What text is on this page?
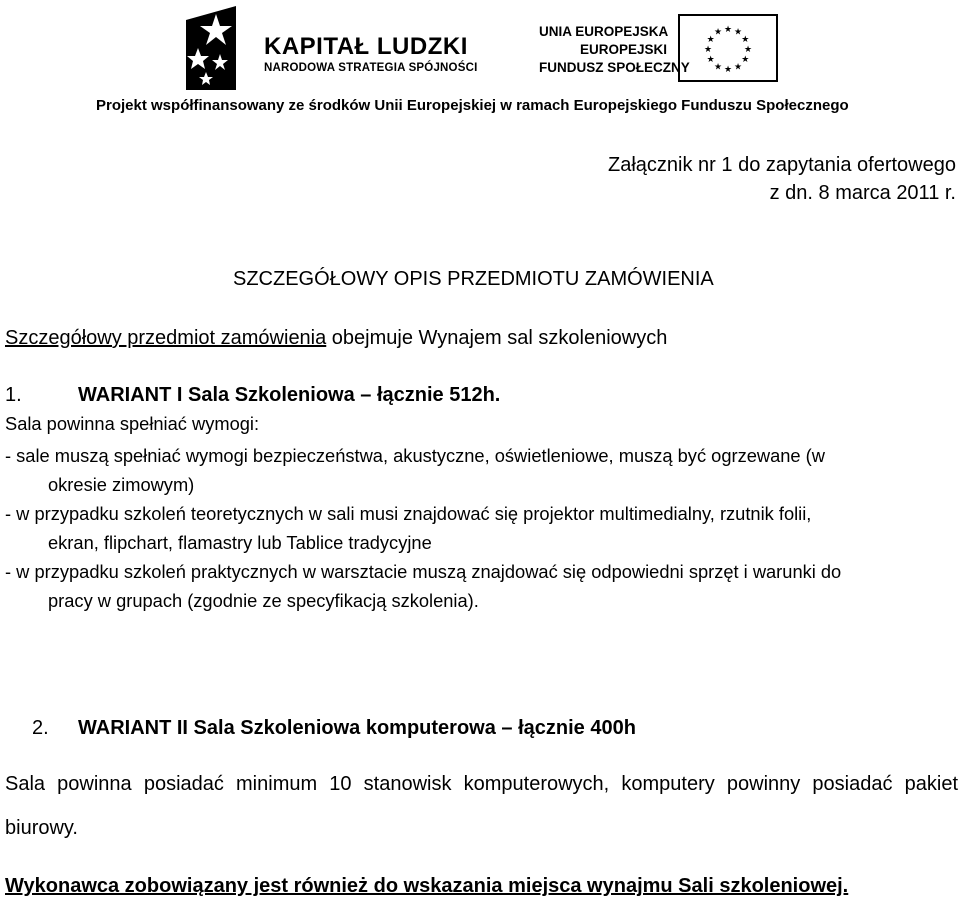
KAPITAŁ LUDZKI
NARODOWA STRATEGIA SPÓJNOŚCI
UNIA EUROPEJSKA
EUROPEJSKI
FUNDUSZ SPOŁECZNY
★ ★
★
★
★
★
★
★
★
★
★
★
Projekt współfinansowany ze środków Unii Europejskiej w ramach Europejskiego Funduszu Społecznego
Załącznik nr 1 do zapytania ofertowego
z dn. 8 marca 2011 r.
SZCZEGÓŁOWY OPIS PRZEDMIOTU ZAMÓWIENIA
Szczegółowy przedmiot zamówienia obejmuje Wynajem sal szkoleniowych
1.	WARIANT I Sala Szkoleniowa – łącznie 512h.
Sala powinna spełniać wymogi:
- sale muszą spełniać wymogi bezpieczeństwa, akustyczne, oświetleniowe, muszą być ogrzewane (w
okresie zimowym)
- w przypadku szkoleń teoretycznych w sali musi znajdować się projektor multimedialny, rzutnik folii,
ekran, flipchart, flamastry lub Tablice tradycyjne
- w przypadku szkoleń praktycznych w warsztacie muszą znajdować się odpowiedni sprzęt i warunki do
pracy w grupach (zgodnie ze specyfikacją szkolenia).
2. WARIANT II Sala Szkoleniowa komputerowa – łącznie 400h
Sala powinna posiadać minimum 10 stanowisk komputerowych, komputery powinny posiadać pakiet biurowy.
Wykonawca zobowiązany jest również do wskazania miejsca wynajmu Sali szkoleniowej.
